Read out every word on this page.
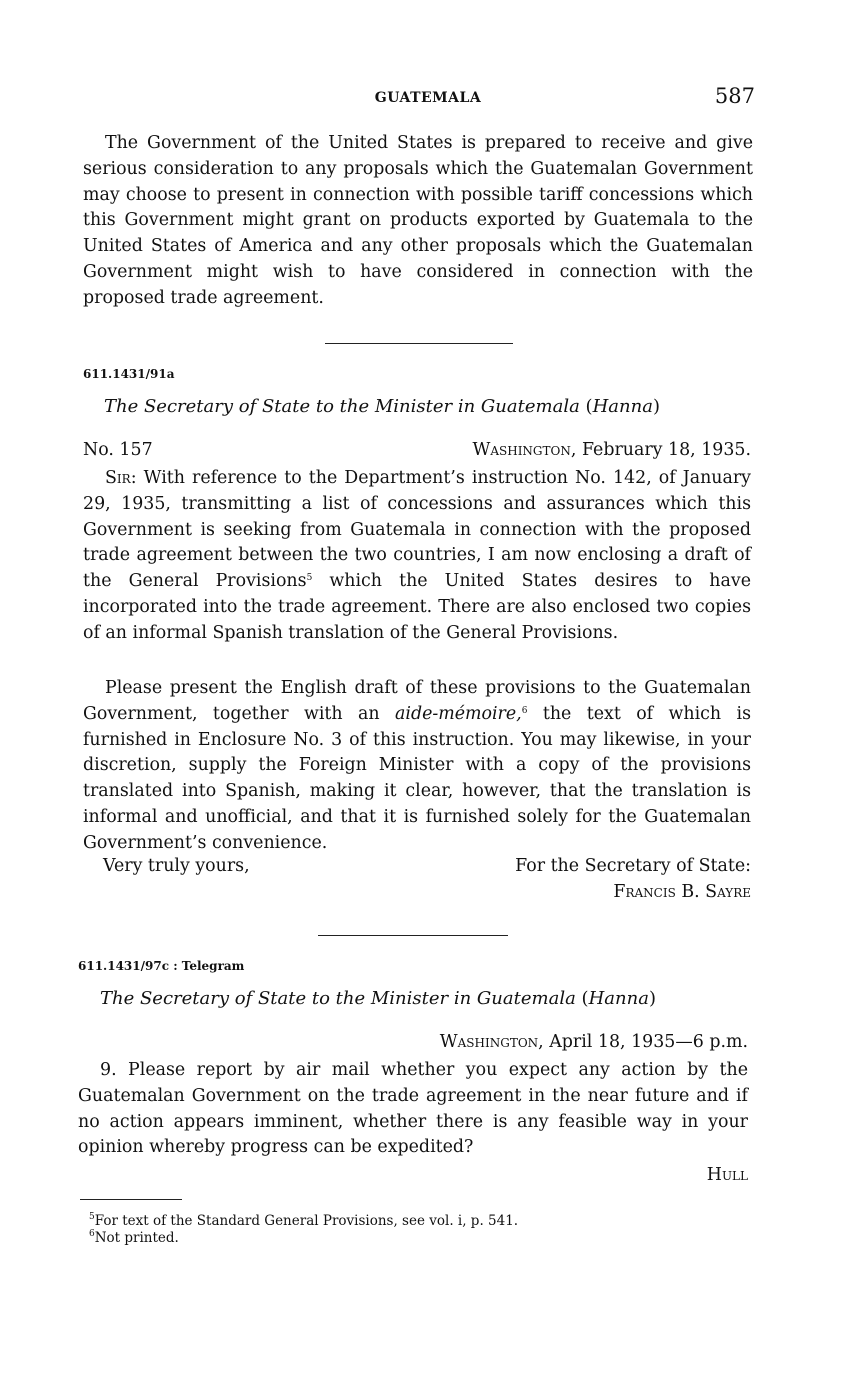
GUATEMALA	587

The Government of the United States is prepared to receive and give serious consideration to any proposals which the Guatemalan Government may choose to present in connection with possible tariff concessions which this Government might grant on products exported by Guatemala to the United States of America and any other proposals which the Guatemalan Government might wish to have considered in connection with the proposed trade agreement.

611.1431/91a
The Secretary of State to the Minister in Guatemala (Hanna)
No. 157	Washington, February 18, 1935.

Sir: With reference to the Department’s instruction No. 142, of January 29, 1935, transmitting a list of concessions and assurances which this Government is seeking from Guatemala in connection with the proposed trade agreement between the two countries, I am now enclosing a draft of the General Provisions$^5$ which the United States desires to have incorporated into the trade agreement. There are also enclosed two copies of an informal Spanish translation of the General Provisions.

Please present the English draft of these provisions to the Guatemalan Government, together with an aide-mémoire,$^6$ the text of which is furnished in Enclosure No. 3 of this instruction. You may likewise, in your discretion, supply the Foreign Minister with a copy of the provisions translated into Spanish, making it clear, however, that the translation is informal and unofficial, and that it is furnished solely for the Guatemalan Government’s convenience.

Very truly yours,	For the Secretary of State:
Francis B. Sayre
611.1431/97c : Telegram
The Secretary of State to the Minister in Guatemala (Hanna)
Washington, April 18, 1935—6 p.m.

9. Please report by air mail whether you expect any action by the Guatemalan Government on the trade agreement in the near future and if no action appears imminent, whether there is any feasible way in your opinion whereby progress can be expedited?

Hull
$^5$For text of the Standard General Provisions, see vol. i, p. 541.
$^6$Not printed.
